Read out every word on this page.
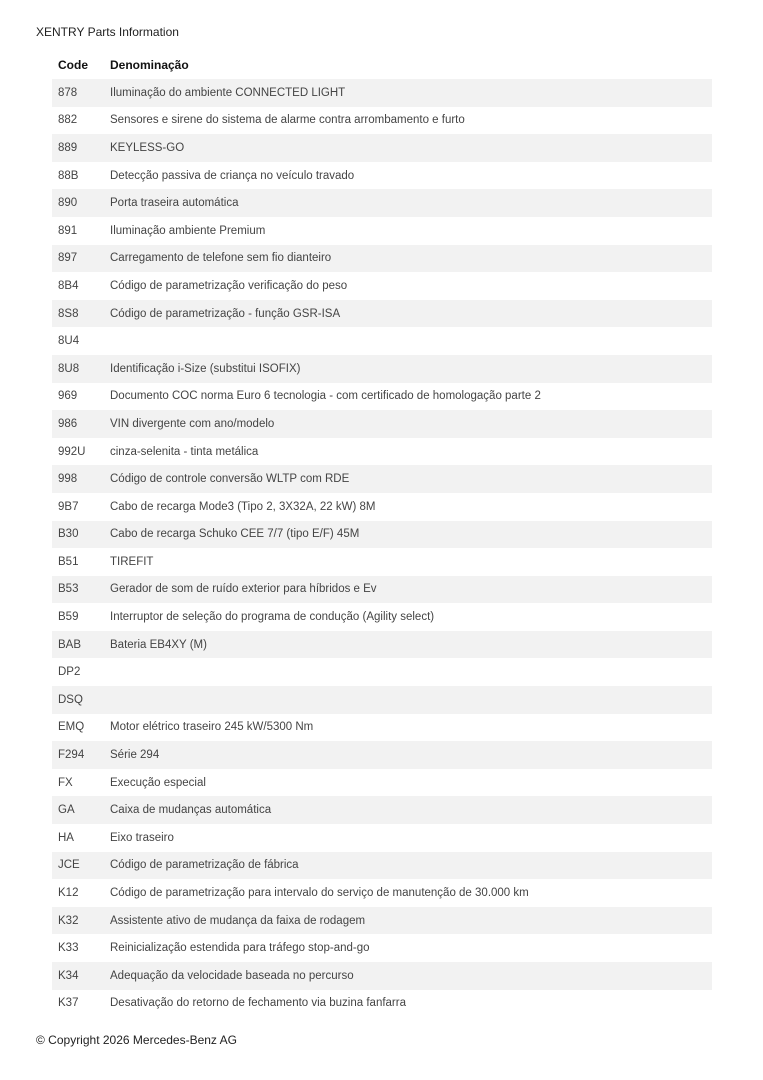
XENTRY Parts Information
Code	Denominação
878	Iluminação do ambiente CONNECTED LIGHT
882	Sensores e sirene do sistema de alarme contra arrombamento e furto
889	KEYLESS-GO
88B	Detecção passiva de criança no veículo travado
890	Porta traseira automática
891	Iluminação ambiente Premium
897	Carregamento de telefone sem fio dianteiro
8B4	Código de parametrização verificação do peso
8S8	Código de parametrização - função GSR-ISA
8U4	
8U8	Identificação i-Size (substitui ISOFIX)
969	Documento COC norma Euro 6 tecnologia - com certificado de homologação parte 2
986	VIN divergente com ano/modelo
992U	cinza-selenita - tinta metálica
998	Código de controle conversão WLTP com RDE
9B7	Cabo de recarga Mode3 (Tipo 2, 3X32A, 22 kW) 8M
B30	Cabo de recarga Schuko CEE 7/7 (tipo E/F) 45M
B51	TIREFIT
B53	Gerador de som de ruído exterior para híbridos e Ev
B59	Interruptor de seleção do programa de condução (Agility select)
BAB	Bateria EB4XY (M)
DP2	
DSQ	
EMQ	Motor elétrico traseiro 245 kW/5300 Nm
F294	Série 294
FX	Execução especial
GA	Caixa de mudanças automática
HA	Eixo traseiro
JCE	Código de parametrização de fábrica
K12	Código de parametrização para intervalo do serviço de manutenção de 30.000 km
K32	Assistente ativo de mudança da faixa de rodagem
K33	Reinicialização estendida para tráfego stop-and-go
K34	Adequação da velocidade baseada no percurso
K37	Desativação do retorno de fechamento via buzina fanfarra
© Copyright 2026 Mercedes-Benz AG
